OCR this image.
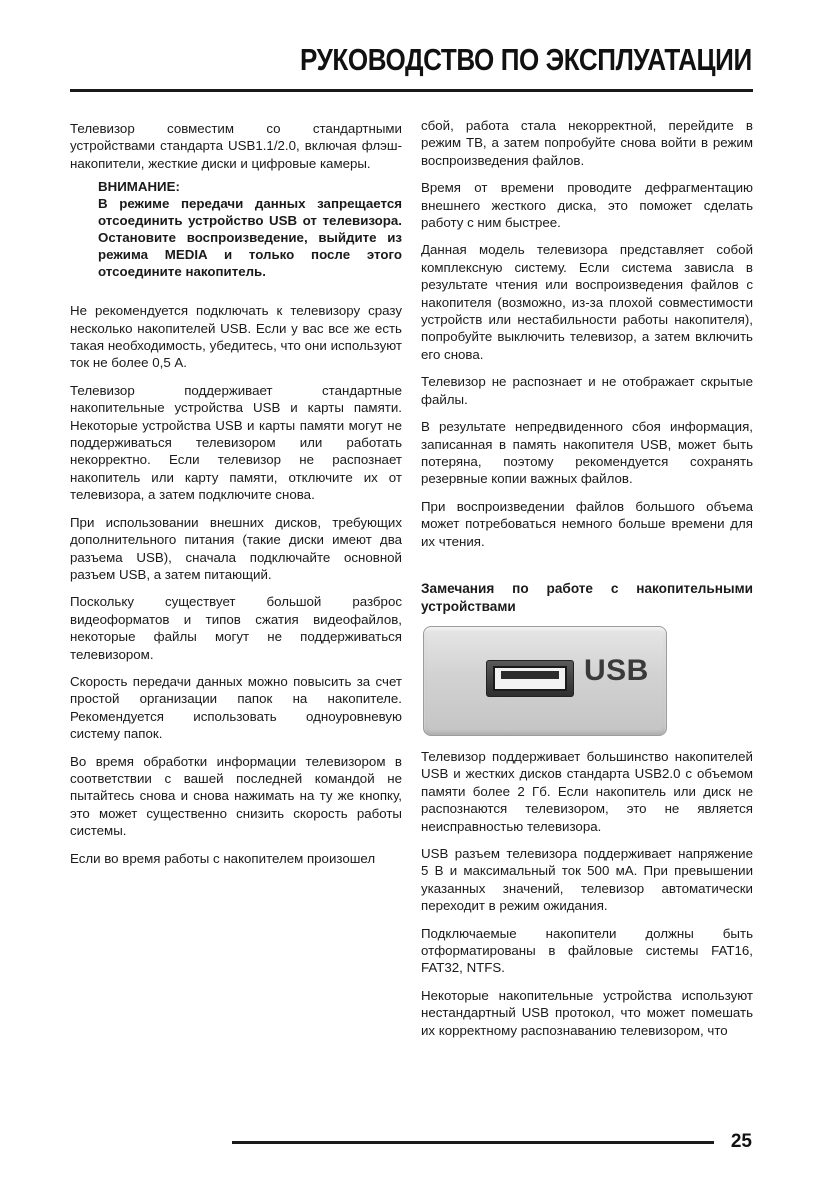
РУКОВОДСТВО ПО ЭКСПЛУАТАЦИИ

Телевизор совместим со стандартными устройствами стандарта USB1.1/2.0, включая флэш-накопители, жесткие диски и цифровые камеры.

ВНИМАНИЕ:
В режиме передачи данных запрещается отсоединить устройство USB от телевизора. Остановите воспроизведение, выйдите из режима MEDIA и только после этого отсоедините накопитель.

Не рекомендуется подключать к телевизору сразу несколько накопителей USB. Если у вас все же есть такая необходимость, убедитесь, что они используют ток не более 0,5 А.

Телевизор поддерживает стандартные накопительные устройства USB и карты памяти. Некоторые устройства USB и карты памяти могут не поддерживаться телевизором или работать некорректно. Если телевизор не распознает накопитель или карту памяти, отключите их от телевизора, а затем подключите снова.

При использовании внешних дисков, требующих дополнительного питания (такие диски имеют два разъема USB), сначала подключайте основной разъем USB, а затем питающий.

Поскольку существует большой разброс видеоформатов и типов сжатия видеофайлов, некоторые файлы могут не поддерживаться телевизором.

Скорость передачи данных можно повысить за счет простой организации папок на накопителе. Рекомендуется использовать одноуровневую систему папок.

Во время обработки информации телевизором в соответствии с вашей последней командой не пытайтесь снова и снова нажимать на ту же кнопку, это может существенно снизить скорость работы системы.

Если во время работы с накопителем произошел

сбой, работа стала некорректной, перейдите в режим ТВ, а затем попробуйте снова войти в режим воспроизведения файлов.

Время от времени проводите дефрагментацию внешнего жесткого диска, это поможет сделать работу с ним быстрее.

Данная модель телевизора представляет собой комплексную систему. Если система зависла в результате чтения или воспроизведения файлов с накопителя (возможно, из-за плохой совместимости устройств или нестабильности работы накопителя), попробуйте выключить телевизор, а затем включить его снова.

Телевизор не распознает и не отображает скрытые файлы.

В результате непредвиденного сбоя информация, записанная в память накопителя USB, может быть потеряна, поэтому рекомендуется сохранять резервные копии важных файлов.

При воспроизведении файлов большого объема может потребоваться немного больше времени для их чтения.

Замечания по работе с накопительными устройствами
USB

Телевизор поддерживает большинство накопителей USB и жестких дисков стандарта USB2.0 с объемом памяти более 2 Гб. Если накопитель или диск не распознаются телевизором, это не является неисправностью телевизора.

USB разъем телевизора поддерживает напряжение 5 В и максимальный ток 500 мА. При превышении указанных значений, телевизор автоматически переходит в режим ожидания.

Подключаемые накопители должны быть отформатированы в файловые системы FAT16, FAT32, NTFS.

Некоторые накопительные устройства используют нестандартный USB протокол, что может помешать их корректному распознаванию телевизором, что

25
